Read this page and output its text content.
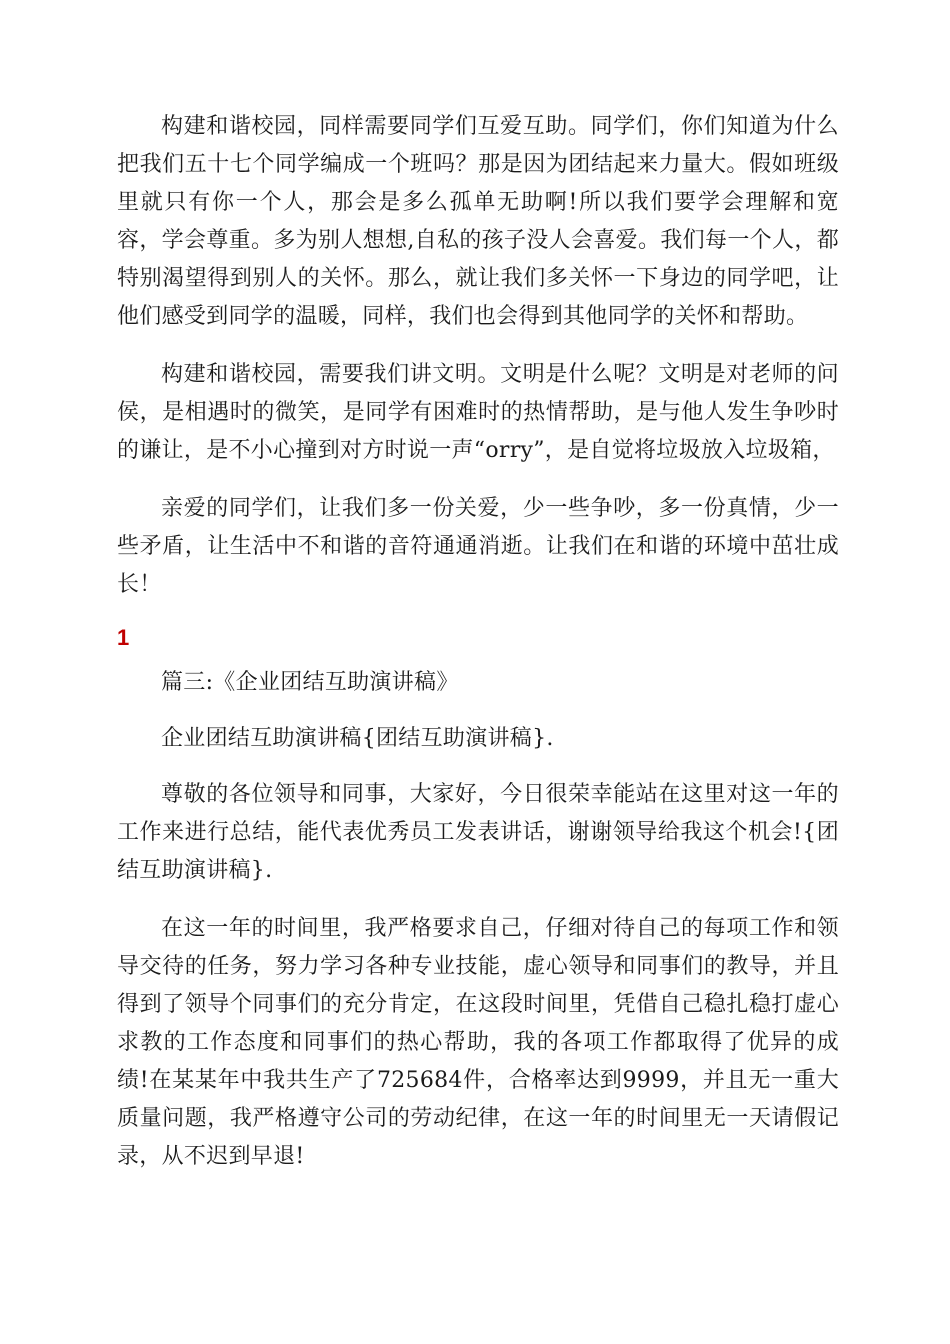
构建和谐校园，同样需要同学们互爱互助。同学们，你们知道为什么把我们五十七个同学编成一个班吗？那是因为团结起来力量大。假如班级里就只有你一个人，那会是多么孤单无助啊!所以我们要学会理解和宽容，学会尊重。多为别人想想,自私的孩子没人会喜爱。我们每一个人，都特别渴望得到别人的关怀。那么，就让我们多关怀一下身边的同学吧，让他们感受到同学的温暖，同样，我们也会得到其他同学的关怀和帮助。

构建和谐校园，需要我们讲文明。文明是什么呢？文明是对老师的问侯，是相遇时的微笑，是同学有困难时的热情帮助，是与他人发生争吵时的谦让，是不小心撞到对方时说一声“orry”，是自觉将垃圾放入垃圾箱，

亲爱的同学们，让我们多一份关爱，少一些争吵，多一份真情，少一些矛盾，让生活中不和谐的音符通通消逝。让我们在和谐的环境中茁壮成长！

1

篇三:《企业团结互助演讲稿》

企业团结互助演讲稿{团结互助演讲稿}.

尊敬的各位领导和同事，大家好，今日很荣幸能站在这里对这一年的工作来进行总结，能代表优秀员工发表讲话，谢谢领导给我这个机会!{团结互助演讲稿}.

在这一年的时间里，我严格要求自己，仔细对待自己的每项工作和领导交待的任务，努力学习各种专业技能，虚心领导和同事们的教导，并且得到了领导个同事们的充分肯定，在这段时间里，凭借自己稳扎稳打虚心求教的工作态度和同事们的热心帮助，我的各项工作都取得了优异的成绩!在某某年中我共生产了725684件，合格率达到9999，并且无一重大质量问题，我严格遵守公司的劳动纪律，在这一年的时间里无一天请假记录，从不迟到早退!
